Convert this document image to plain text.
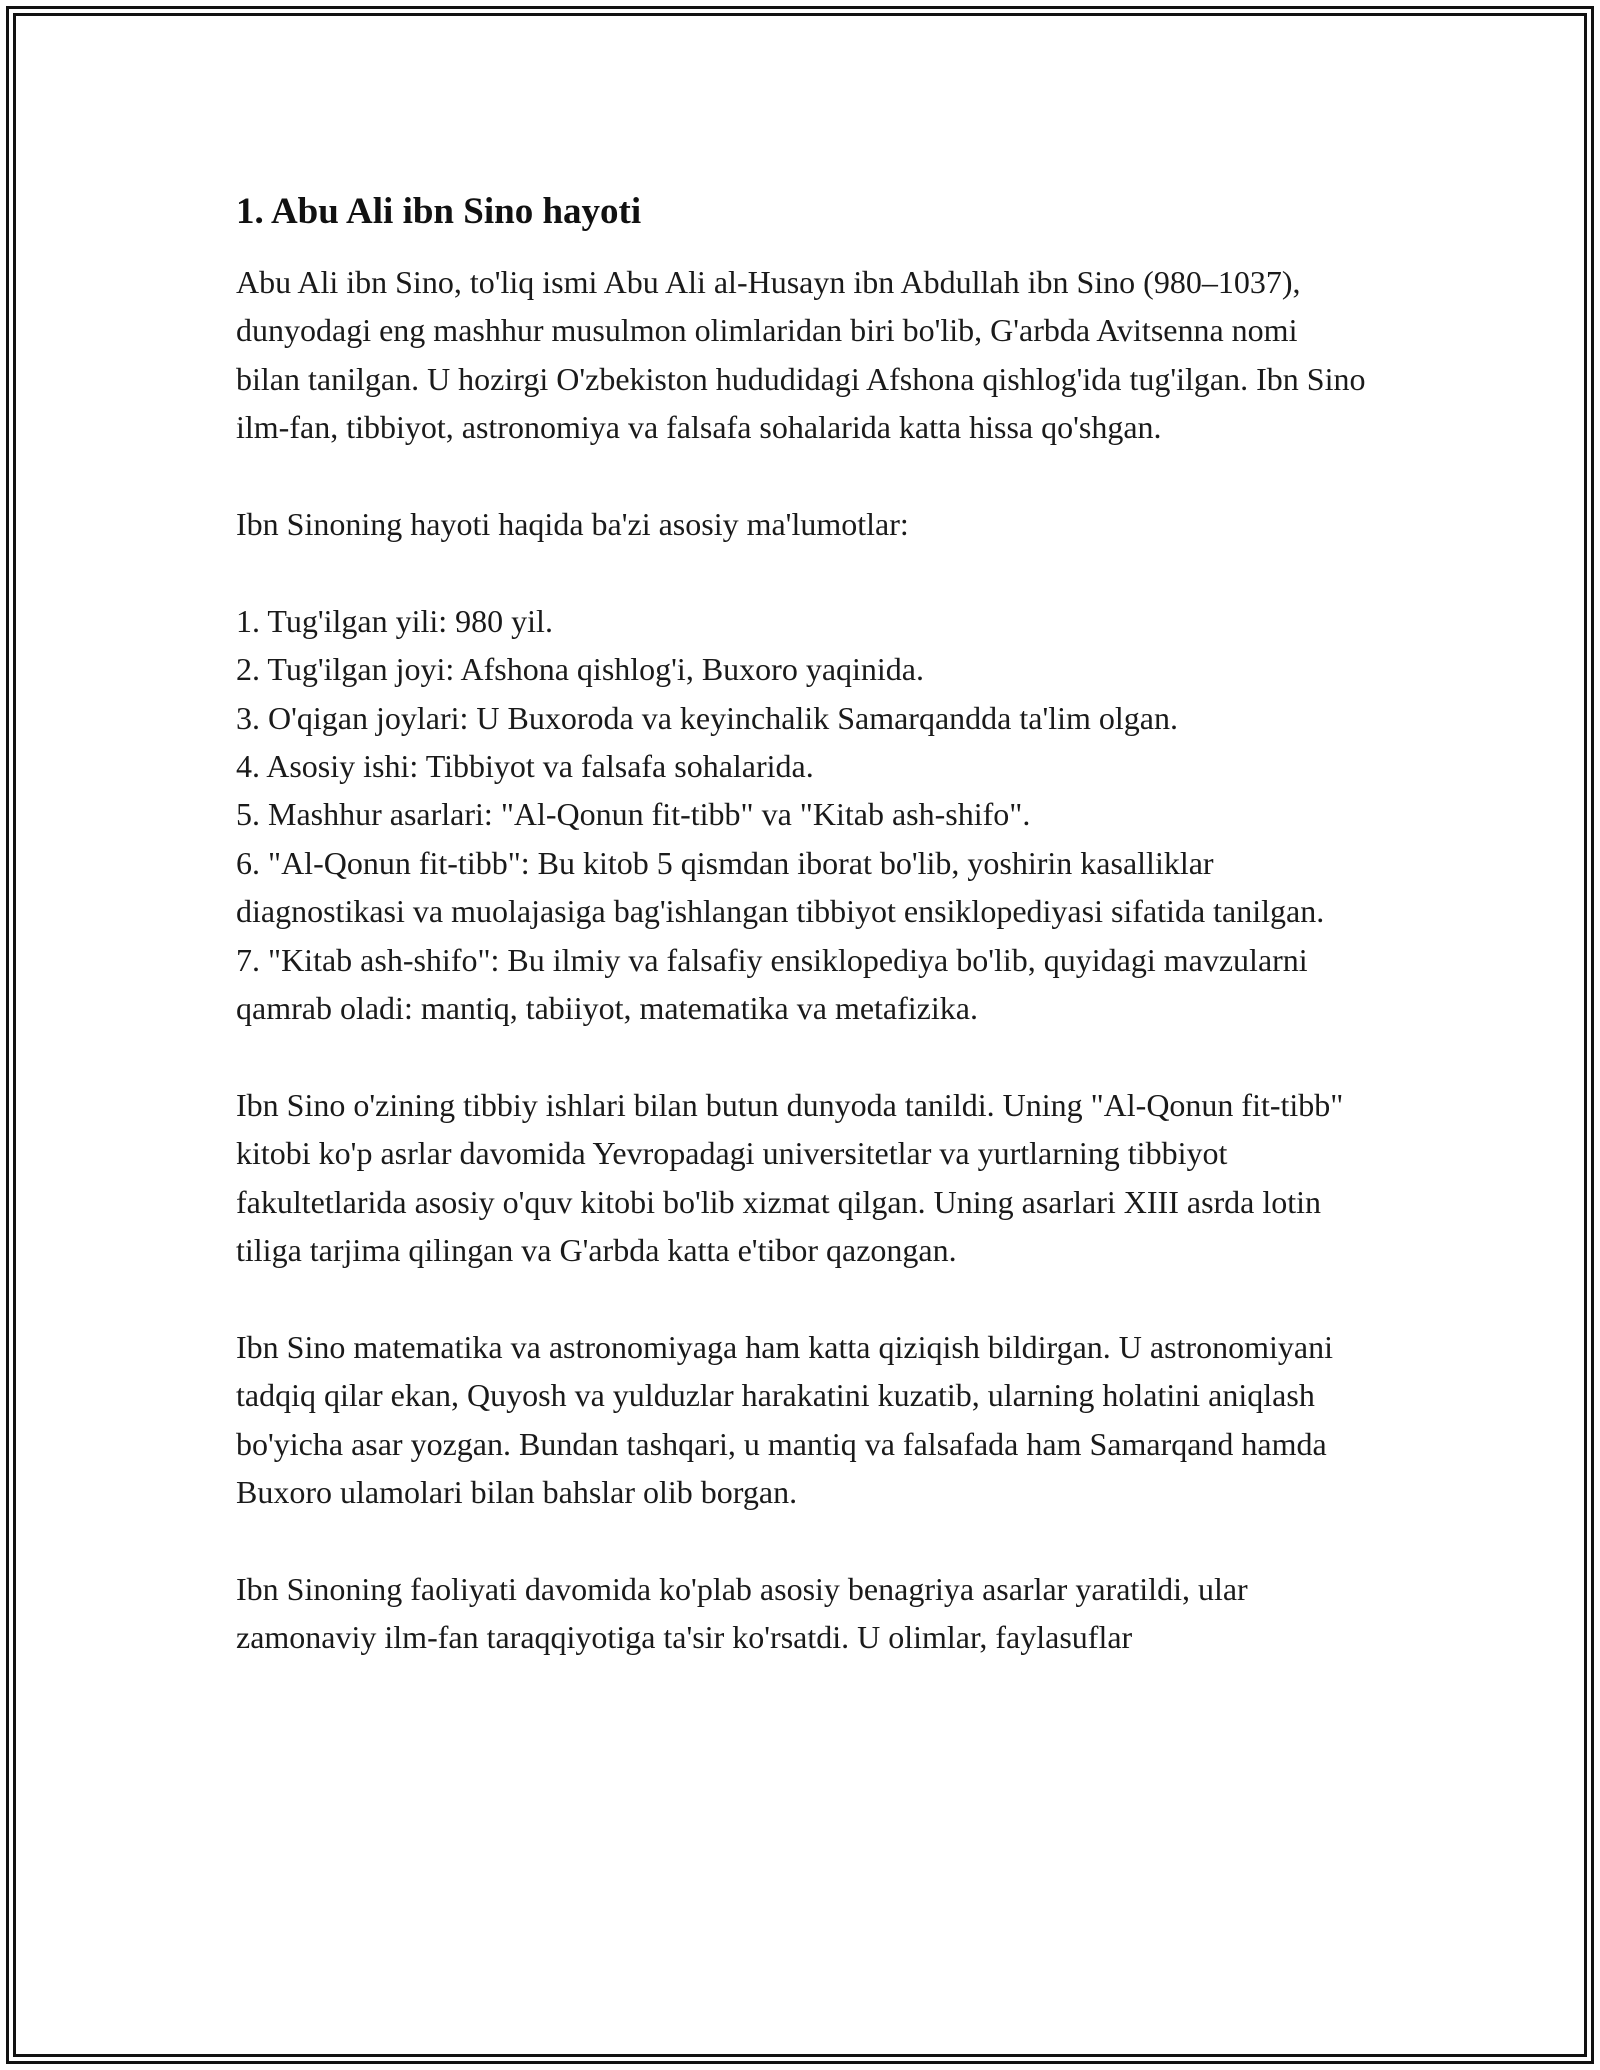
1. Abu Ali ibn Sino hayoti

Abu Ali ibn Sino, to'liq ismi Abu Ali al-Husayn ibn Abdullah ibn Sino (980–1037), dunyodagi eng mashhur musulmon olimlaridan biri bo'lib, G'arbda Avitsenna nomi bilan tanilgan. U hozirgi O'zbekiston hududidagi Afshona qishlog'ida tug'ilgan. Ibn Sino ilm-fan, tibbiyot, astronomiya va falsafa sohalarida katta hissa qo'shgan.

Ibn Sinoning hayoti haqida ba'zi asosiy ma'lumotlar:

1. Tug'ilgan yili: 980 yil.
2. Tug'ilgan joyi: Afshona qishlog'i, Buxoro yaqinida.
3. O'qigan joylari: U Buxoroda va keyinchalik Samarqandda ta'lim olgan.
4. Asosiy ishi: Tibbiyot va falsafa sohalarida.
5. Mashhur asarlari: "Al-Qonun fit-tibb" va "Kitab ash-shifo".
6. "Al-Qonun fit-tibb": Bu kitob 5 qismdan iborat bo'lib, yoshirin kasalliklar diagnostikasi va muolajasiga bag'ishlangan tibbiyot ensiklopediyasi sifatida tanilgan.
7. "Kitab ash-shifo": Bu ilmiy va falsafiy ensiklopediya bo'lib, quyidagi mavzularni qamrab oladi: mantiq, tabiiyot, matematika va metafizika.

Ibn Sino o'zining tibbiy ishlari bilan butun dunyoda tanildi. Uning "Al-Qonun fit-tibb" kitobi ko'p asrlar davomida Yevropadagi universitetlar va yurtlarning tibbiyot fakultetlarida asosiy o'quv kitobi bo'lib xizmat qilgan. Uning asarlari XIII asrda lotin tiliga tarjima qilingan va G'arbda katta e'tibor qazongan.

Ibn Sino matematika va astronomiyaga ham katta qiziqish bildirgan. U astronomiyani tadqiq qilar ekan, Quyosh va yulduzlar harakatini kuzatib, ularning holatini aniqlash bo'yicha asar yozgan. Bundan tashqari, u mantiq va falsafada ham Samarqand hamda Buxoro ulamolari bilan bahslar olib borgan.

Ibn Sinoning faoliyati davomida ko'plab asosiy benagriya asarlar yaratildi, ular zamonaviy ilm-fan taraqqiyotiga ta'sir ko'rsatdi. U olimlar, faylasuflar
